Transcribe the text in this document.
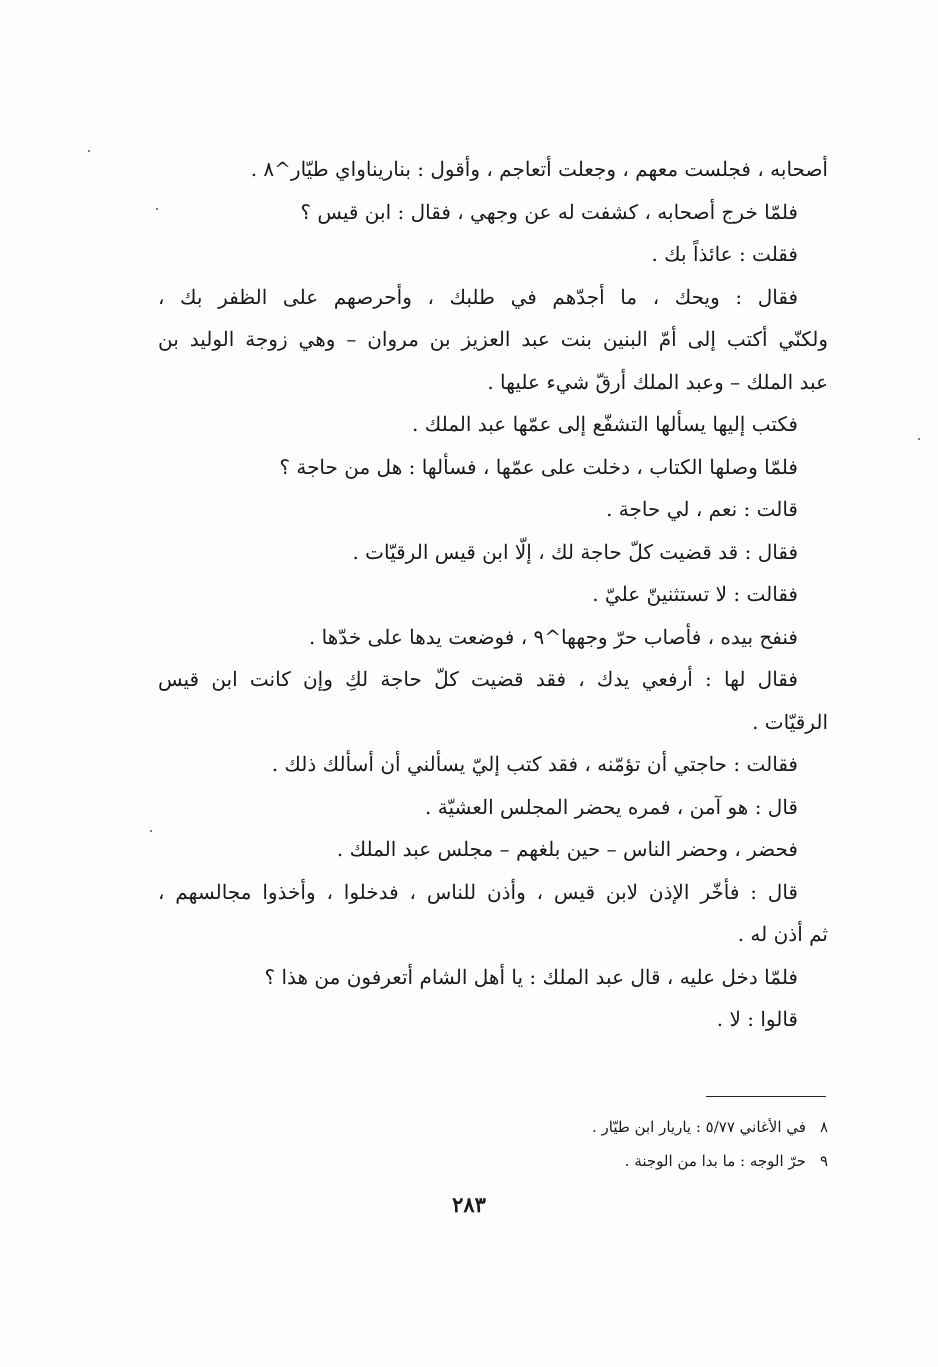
أصحابه ، فجلست معهم ، وجعلت أتعاجم ، وأقول : بناريناواي طيّار^٨ .
فلمّا خرج أصحابه ، كشفت له عن وجهي ، فقال : ابن قيس ؟
فقلت : عائذاً بك .
فقال : ويحك ، ما أجدّهم في طلبك ، وأحرصهم على الظفر بك ،
ولكنّي أكتب إلى أمّ البنين بنت عبد العزيز بن مروان – وهي زوجة الوليد بن
عبد الملك – وعبد الملك أرقّ شيء عليها .
فكتب إليها يسألها التشفّع إلى عمّها عبد الملك .
فلمّا وصلها الكتاب ، دخلت على عمّها ، فسألها : هل من حاجة ؟
قالت : نعم ، لي حاجة .
فقال : قد قضيت كلّ حاجة لك ، إلّا ابن قيس الرقيّات .
فقالت : لا تستثنينّ عليّ .
فنفح بيده ، فأصاب حرّ وجهها^٩ ، فوضعت يدها على خدّها .
فقال لها : أرفعي يدك ، فقد قضيت كلّ حاجة لكِ وإن كانت ابن قيس
الرقيّات .
فقالت : حاجتي أن تؤمّنه ، فقد كتب إليّ يسألني أن أسألك ذلك .
قال : هو آمن ، فمره يحضر المجلس العشيّة .
فحضر ، وحضر الناس – حين بلغهم – مجلس عبد الملك .
قال : فأخّر الإذن لابن قيس ، وأذن للناس ، فدخلوا ، وأخذوا مجالسهم ،
ثم أذن له .
فلمّا دخل عليه ، قال عبد الملك : يا أهل الشام أتعرفون من هذا ؟
قالوا : لا .
٨في الأغاني ٥/٧٧ : ياريار ابن طيّار .
٩حرّ الوجه : ما بدا من الوجنة .
٢٨٣
